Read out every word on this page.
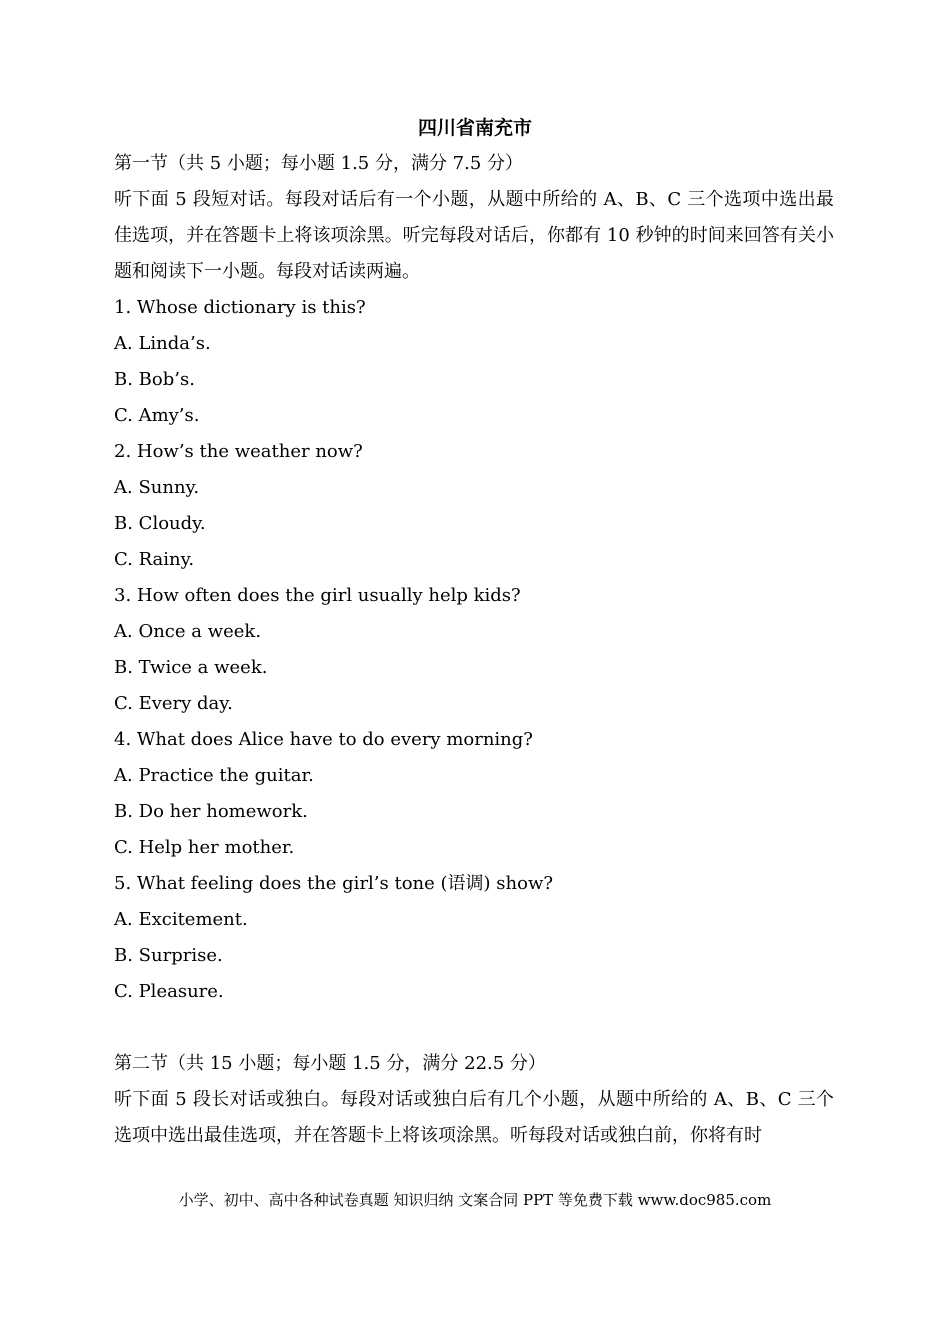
四川省南充市
第一节（共 5 小题；每小题 1.5 分，满分 7.5 分）

听下面 5 段短对话。每段对话后有一个小题，从题中所给的 A、B、C 三个选项中选出最佳选项，并在答题卡上将该项涂黑。听完每段对话后，你都有 10 秒钟的时间来回答有关小题和阅读下一小题。每段对话读两遍。

1. Whose dictionary is this?
A. Linda’s.
B. Bob’s.
C. Amy’s.
2. How’s the weather now?
A. Sunny.
B. Cloudy.
C. Rainy.
3. How often does the girl usually help kids?
A. Once a week.
B. Twice a week.
C. Every day.
4. What does Alice have to do every morning?
A. Practice the guitar.
B. Do her homework.
C. Help her mother.
5. What feeling does the girl’s tone (语调) show?
A. Excitement.
B. Surprise.
C. Pleasure.
第二节（共 15 小题；每小题 1.5 分，满分 22.5 分）

听下面 5 段长对话或独白。每段对话或独白后有几个小题，从题中所给的 A、B、C 三个选项中选出最佳选项，并在答题卡上将该项涂黑。听每段对话或独白前，你将有时

小学、初中、高中各种试卷真题 知识归纳 文案合同 PPT 等免费下载 www.doc985.com
